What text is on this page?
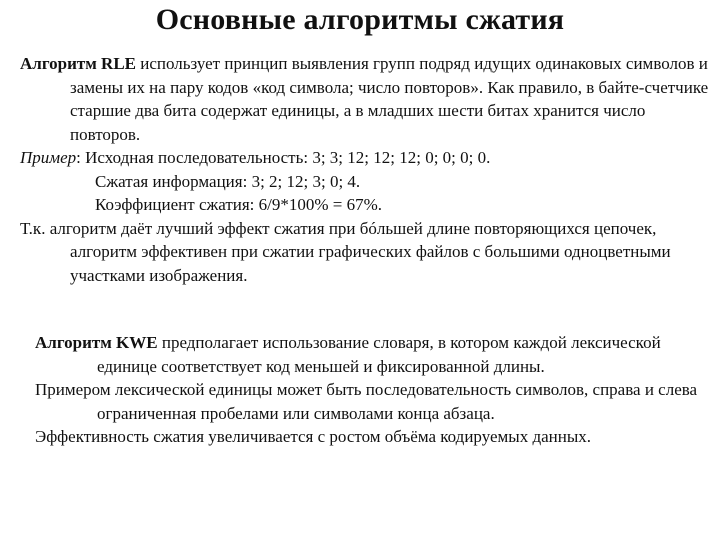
Основные алгоритмы сжатия

Алгоритм RLE использует принцип выявления групп подряд идущих одинаковых символов и замены их на пару кодов «код символа; число повторов». Как правило, в байте-счетчике старшие два бита содержат единицы, а в младших шести битах хранится число повторов.

Пример: Исходная последовательность: 3; 3; 12; 12; 12; 0; 0; 0; 0.

Сжатая информация: 3; 2; 12; 3; 0; 4.

Коэффициент сжатия: 6/9*100% = 67%.

Т.к. алгоритм даёт лучший эффект сжатия при бóльшей длине повторяющихся цепочек, алгоритм эффективен при сжатии графических файлов с большими одноцветными участками изображения.

Алгоритм KWE предполагает использование словаря, в котором каждой лексической единице соответствует код меньшей и фиксированной длины.

Примером лексической единицы может быть последовательность символов, справа и слева ограниченная пробелами или символами конца абзаца.

Эффективность сжатия увеличивается с ростом объёма кодируемых данных.
